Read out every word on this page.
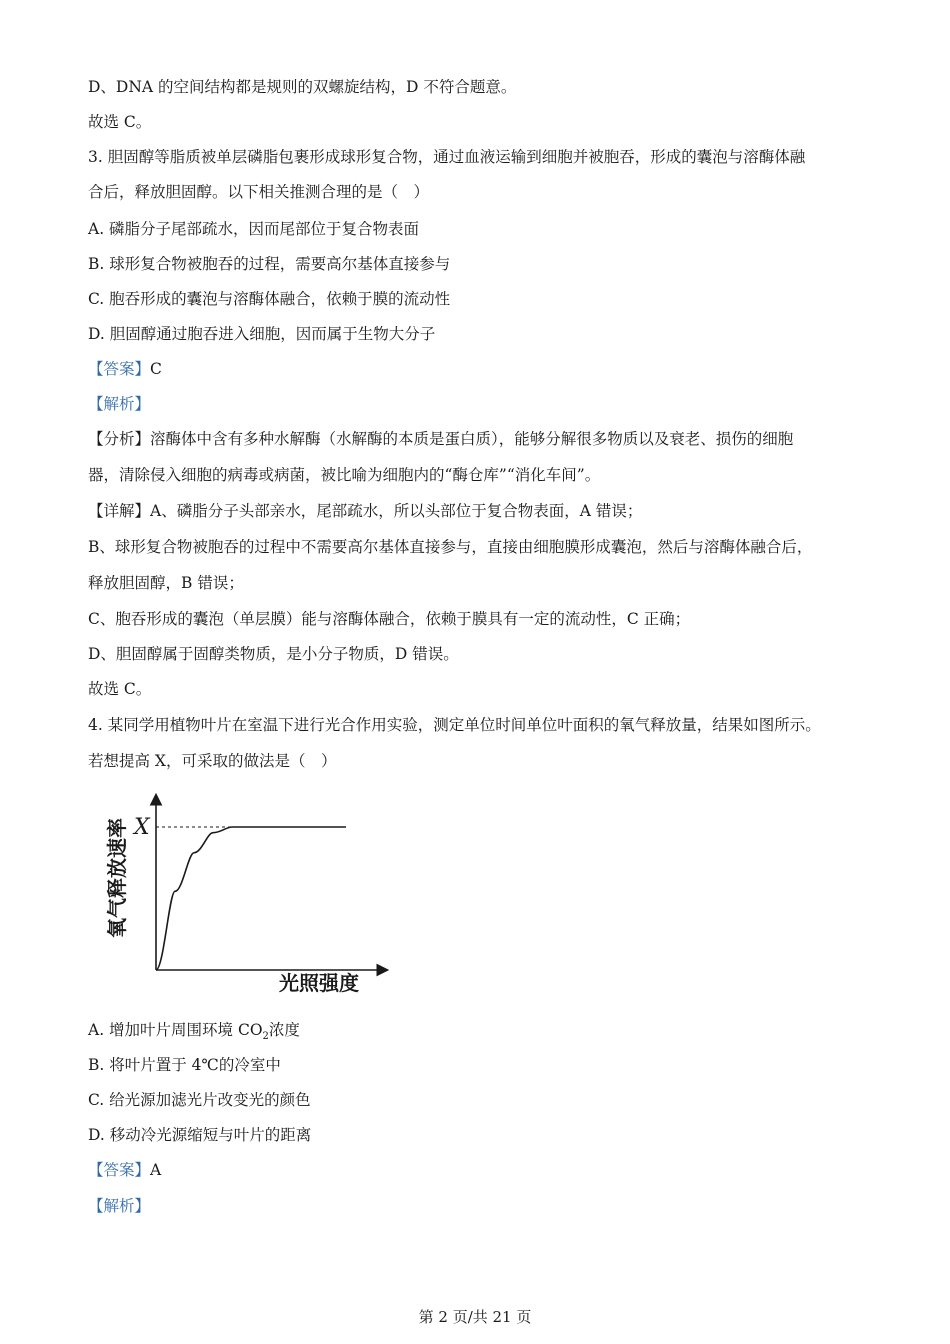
D、DNA 的空间结构都是规则的双螺旋结构，D 不符合题意。
故选 C。
3. 胆固醇等脂质被单层磷脂包裹形成球形复合物，通过血液运输到细胞并被胞吞，形成的囊泡与溶酶体融
合后，释放胆固醇。以下相关推测合理的是（　）
A. 磷脂分子尾部疏水，因而尾部位于复合物表面
B. 球形复合物被胞吞的过程，需要高尔基体直接参与
C. 胞吞形成的囊泡与溶酶体融合，依赖于膜的流动性
D. 胆固醇通过胞吞进入细胞，因而属于生物大分子
【答案】C
【解析】
【分析】溶酶体中含有多种水解酶（水解酶的本质是蛋白质），能够分解很多物质以及衰老、损伤的细胞
器，清除侵入细胞的病毒或病菌，被比喻为细胞内的“酶仓库”“消化车间”。
【详解】A、磷脂分子头部亲水，尾部疏水，所以头部位于复合物表面，A 错误；
B、球形复合物被胞吞的过程中不需要高尔基体直接参与，直接由细胞膜形成囊泡，然后与溶酶体融合后，
释放胆固醇，B 错误；
C、胞吞形成的囊泡（单层膜）能与溶酶体融合，依赖于膜具有一定的流动性，C 正确；
D、胆固醇属于固醇类物质，是小分子物质，D 错误。
故选 C。
4. 某同学用植物叶片在室温下进行光合作用实验，测定单位时间单位叶面积的氧气释放量，结果如图所示。
若想提高 X，可采取的做法是（　）
X
氧气释放速率
光照强度
A. 增加叶片周围环境 $CO_2$浓度
B. 将叶片置于 4℃的冷室中
C. 给光源加滤光片改变光的颜色
D. 移动冷光源缩短与叶片的距离
【答案】A
【解析】
第 2 页/共 21 页
